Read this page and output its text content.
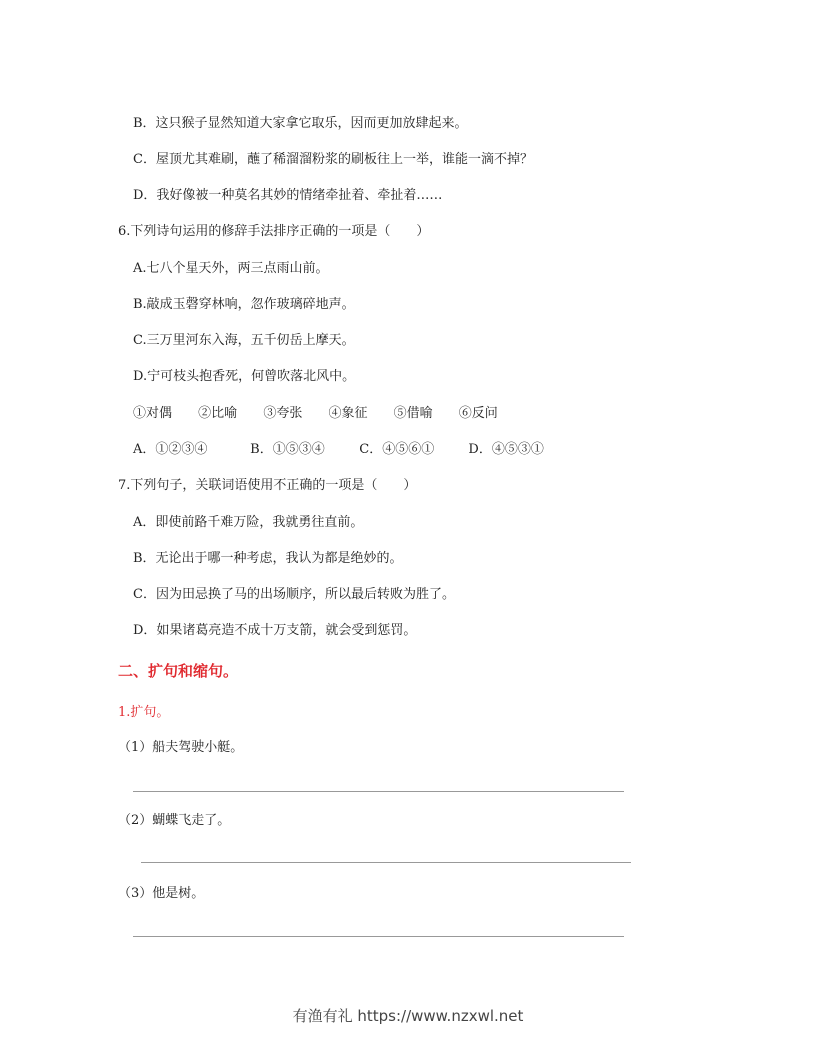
B．这只猴子显然知道大家拿它取乐，因而更加放肆起来。
C．屋顶尤其难刷，蘸了稀溜溜粉浆的刷板往上一举，谁能一滴不掉？
D．我好像被一种莫名其妙的情绪牵扯着、牵扯着……
6.下列诗句运用的修辞手法排序正确的一项是（　　）
A.七八个星天外，两三点雨山前。
B.敲成玉磬穿林响，忽作玻璃碎地声。
C.三万里河东入海，五千仞岳上摩天。
D.宁可枝头抱香死，何曾吹落北风中。
①对偶 ②比喻 ③夸张 ④象征 ⑤借喻 ⑥反问
A．①②③④	B．①⑤③④	C．④⑤⑥①	D．④⑤③①
7.下列句子，关联词语使用不正确的一项是（　　）
A．即使前路千难万险，我就勇往直前。
B．无论出于哪一种考虑，我认为都是绝妙的。
C．因为田忌换了马的出场顺序，所以最后转败为胜了。
D．如果诸葛亮造不成十万支箭，就会受到惩罚。
二、扩句和缩句。
1.扩句。
（1）船夫驾驶小艇。
（2）蝴蝶飞走了。
（3）他是树。
有渔有礼 https://www.nzxwl.net
